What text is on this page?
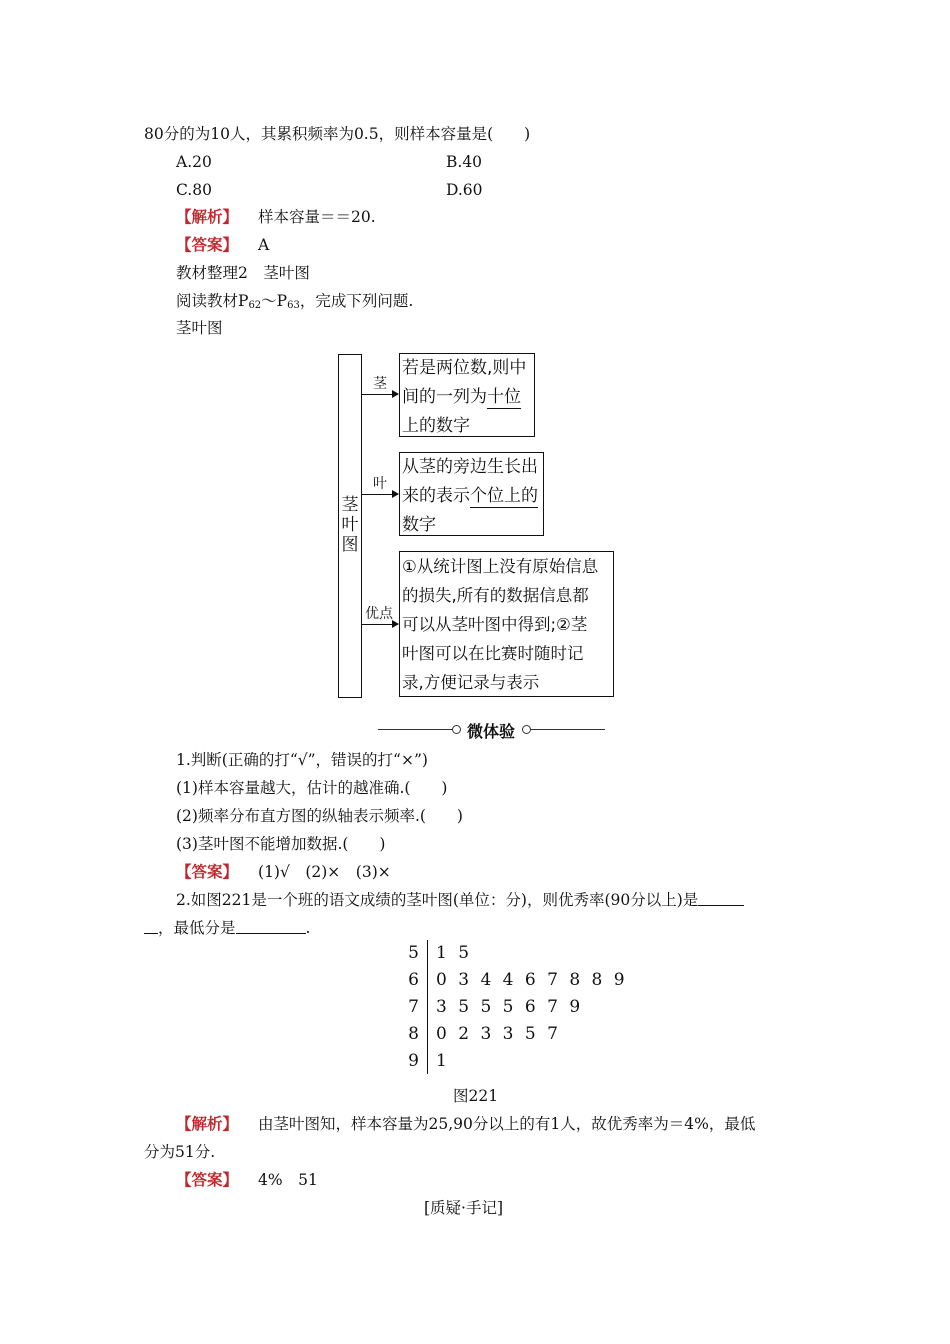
80分的为10人，其累积频率为0.5，则样本容量是(　　)
A.20	B.40
C.80	D.60
【解析】 样本容量＝＝20.
【答案】 A
教材整理2　茎叶图
阅读教材$P_{62}\sim P_{63}$，完成下列问题.
茎叶图
茎
叶
图
茎
若是两位数,则中
间的一列为十位
上的数字
叶
从茎的旁边生长出
来的表示个位上的
数字
优点
①从统计图上没有原始信息
的损失,所有的数据信息都
可以从茎叶图中得到;②茎
叶图可以在比赛时随时记
录,方便记录与表示
微体验
1.判断(正确的打“√”，错误的打“×”)
(1)样本容量越大，估计的越准确.(　　)
(2)频率分布直方图的纵轴表示频率.(　　)
(3)茎叶图不能增加数据.(　　)
【答案】 (1)√　(2)×　(3)×
2.如图221是一个班的语文成绩的茎叶图(单位：分)，则优秀率(90分以上)是
，最低分是	.
5 1 5
6 0 3 4 4 6 7 8 8 9
7 3 5 5 5 6 7 9
8 0 2 3 3 5 7
9 1
图221
【解析】 由茎叶图知，样本容量为25,90分以上的有1人，故优秀率为＝4%，最低
分为51分.
【答案】 4%　51
[质疑·手记]
